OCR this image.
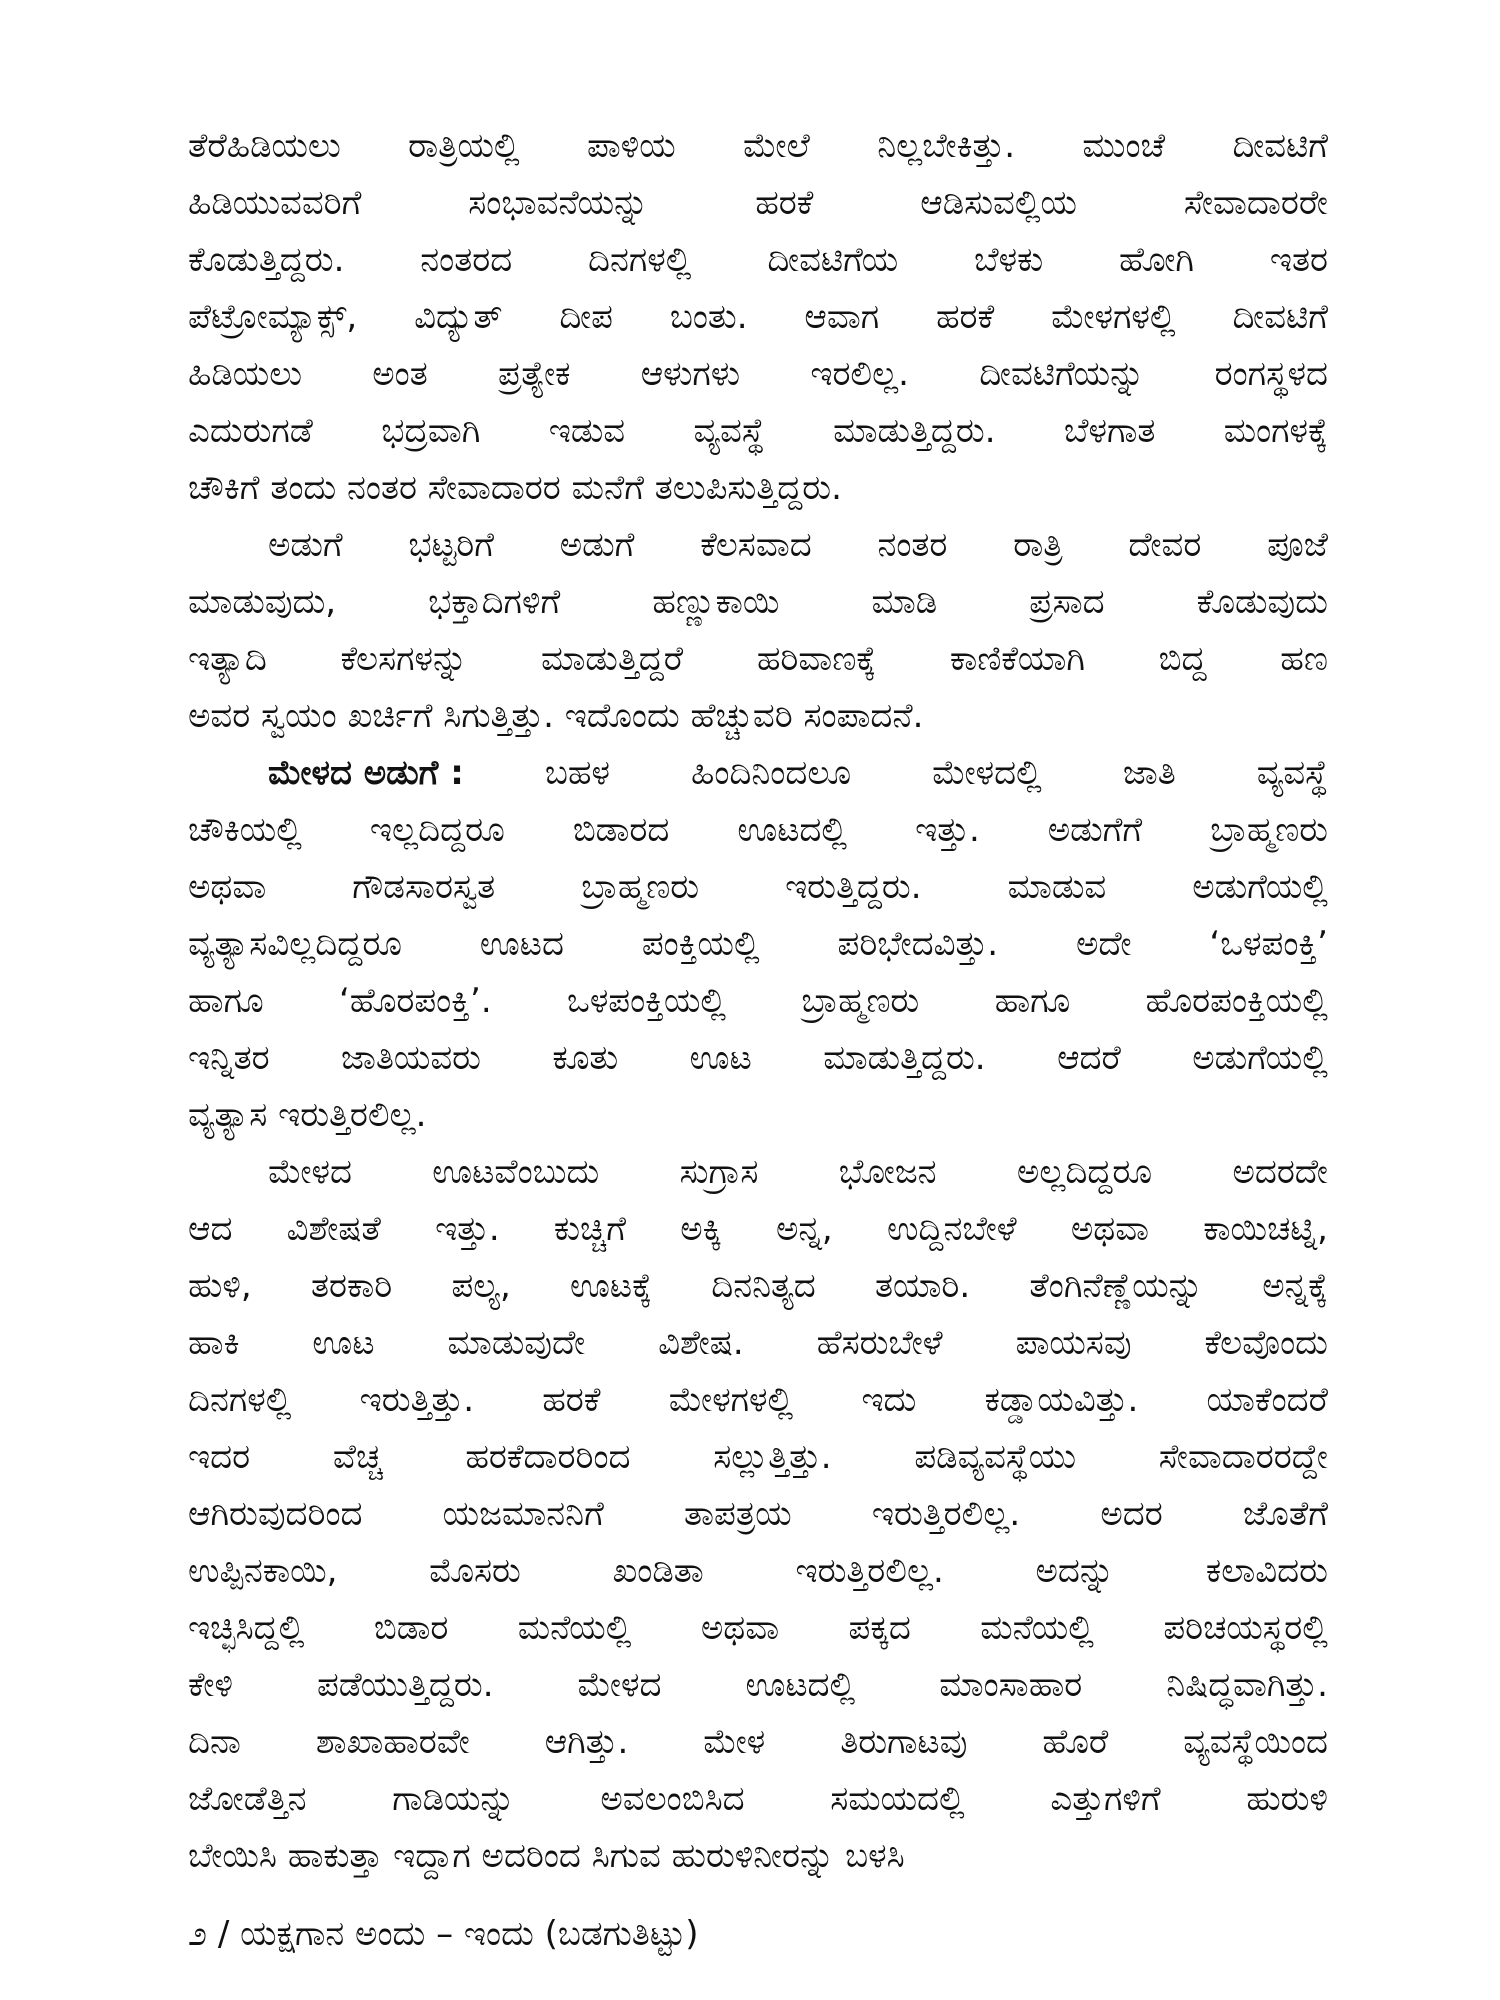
ತೆರೆಹಿಡಿಯಲು ರಾತ್ರಿಯಲ್ಲಿ ಪಾಳಿಯ ಮೇಲೆ ನಿಲ್ಲಬೇಕಿತ್ತು. ಮುಂಚೆ ದೀವಟಿಗೆ
ಹಿಡಿಯುವವರಿಗೆ	ಸಂಭಾವನೆಯನ್ನು	ಹರಕೆ	ಆಡಿಸುವಲ್ಲಿಯ	ಸೇವಾದಾರರೇ
ಕೊಡುತ್ತಿದ್ದರು. ನಂತರದ ದಿನಗಳಲ್ಲಿ ದೀವಟಿಗೆಯ ಬೆಳಕು ಹೋಗಿ ಇತರ
ಪೆಟ್ರೋಮ್ಯಾಕ್ಸ್, ವಿದ್ಯುತ್ ದೀಪ ಬಂತು. ಆವಾಗ ಹರಕೆ ಮೇಳಗಳಲ್ಲಿ ದೀವಟಿಗೆ
ಹಿಡಿಯಲು ಅಂತ ಪ್ರತ್ಯೇಕ ಆಳುಗಳು ಇರಲಿಲ್ಲ. ದೀವಟಿಗೆಯನ್ನು ರಂಗಸ್ಥಳದ
ಎದುರುಗಡೆ ಭದ್ರವಾಗಿ ಇಡುವ ವ್ಯವಸ್ಥೆ ಮಾಡುತ್ತಿದ್ದರು. ಬೆಳಗಾತ ಮಂಗಳಕ್ಕೆ
ಚೌಕಿಗೆ ತಂದು ನಂತರ ಸೇವಾದಾರರ ಮನೆಗೆ ತಲುಪಿಸುತ್ತಿದ್ದರು.
ಅಡುಗೆ ಭಟ್ಟರಿಗೆ ಅಡುಗೆ ಕೆಲಸವಾದ ನಂತರ ರಾತ್ರಿ ದೇವರ ಪೂಜೆ
ಮಾಡುವುದು,	ಭಕ್ತಾದಿಗಳಿಗೆ	ಹಣ್ಣುಕಾಯಿ	ಮಾಡಿ	ಪ್ರಸಾದ	ಕೊಡುವುದು
ಇತ್ಯಾದಿ ಕೆಲಸಗಳನ್ನು ಮಾಡುತ್ತಿದ್ದರೆ ಹರಿವಾಣಕ್ಕೆ ಕಾಣಿಕೆಯಾಗಿ ಬಿದ್ದ ಹಣ
ಅವರ ಸ್ವಯಂ ಖರ್ಚಿಗೆ ಸಿಗುತ್ತಿತ್ತು. ಇದೊಂದು ಹೆಚ್ಚುವರಿ ಸಂಪಾದನೆ.
ಮೇಳದ ಅಡುಗೆ : ಬಹಳ ಹಿಂದಿನಿಂದಲೂ ಮೇಳದಲ್ಲಿ ಜಾತಿ ವ್ಯವಸ್ಥೆ
ಚೌಕಿಯಲ್ಲಿ ಇಲ್ಲದಿದ್ದರೂ ಬಿಡಾರದ ಊಟದಲ್ಲಿ ಇತ್ತು. ಅಡುಗೆಗೆ ಬ್ರಾಹ್ಮಣರು
ಅಥವಾ	ಗೌಡಸಾರಸ್ವತ	ಬ್ರಾಹ್ಮಣರು	ಇರುತ್ತಿದ್ದರು.	ಮಾಡುವ	ಅಡುಗೆಯಲ್ಲಿ
ವ್ಯತ್ಯಾಸವಿಲ್ಲದಿದ್ದರೂ ಊಟದ ಪಂಕ್ತಿಯಲ್ಲಿ ಪರಿಭೇದವಿತ್ತು. ಅದೇ ‘ಒಳಪಂಕ್ತಿ’
ಹಾಗೂ ‘ಹೊರಪಂಕ್ತಿ’. ಒಳಪಂಕ್ತಿಯಲ್ಲಿ ಬ್ರಾಹ್ಮಣರು ಹಾಗೂ ಹೊರಪಂಕ್ತಿಯಲ್ಲಿ
ಇನ್ನಿತರ ಜಾತಿಯವರು ಕೂತು ಊಟ ಮಾಡುತ್ತಿದ್ದರು. ಆದರೆ ಅಡುಗೆಯಲ್ಲಿ
ವ್ಯತ್ಯಾಸ ಇರುತ್ತಿರಲಿಲ್ಲ.
ಮೇಳದ ಊಟವೆಂಬುದು ಸುಗ್ರಾಸ ಭೋಜನ ಅಲ್ಲದಿದ್ದರೂ ಅದರದೇ
ಆದ ವಿಶೇಷತೆ ಇತ್ತು. ಕುಚ್ಚಿಗೆ ಅಕ್ಕಿ ಅನ್ನ, ಉದ್ದಿನಬೇಳೆ ಅಥವಾ ಕಾಯಿಚಟ್ನಿ,
ಹುಳಿ, ತರಕಾರಿ ಪಲ್ಯ, ಊಟಕ್ಕೆ ದಿನನಿತ್ಯದ ತಯಾರಿ. ತೆಂಗಿನೆಣ್ಣೆಯನ್ನು ಅನ್ನಕ್ಕೆ
ಹಾಕಿ ಊಟ ಮಾಡುವುದೇ ವಿಶೇಷ. ಹೆಸರುಬೇಳೆ ಪಾಯಸವು ಕೆಲವೊಂದು
ದಿನಗಳಲ್ಲಿ ಇರುತ್ತಿತ್ತು. ಹರಕೆ ಮೇಳಗಳಲ್ಲಿ ಇದು ಕಡ್ಡಾಯವಿತ್ತು. ಯಾಕೆಂದರೆ
ಇದರ ವೆಚ್ಚ ಹರಕೆದಾರರಿಂದ ಸಲ್ಲುತ್ತಿತ್ತು. ಪಡಿವ್ಯವಸ್ಥೆಯು ಸೇವಾದಾರರದ್ದೇ
ಆಗಿರುವುದರಿಂದ ಯಜಮಾನನಿಗೆ ತಾಪತ್ರಯ ಇರುತ್ತಿರಲಿಲ್ಲ. ಅದರ ಜೊತೆಗೆ
ಉಪ್ಪಿನಕಾಯಿ,	ಮೊಸರು	ಖಂಡಿತಾ	ಇರುತ್ತಿರಲಿಲ್ಲ.	ಅದನ್ನು	ಕಲಾವಿದರು
ಇಚ್ಛಿಸಿದ್ದಲ್ಲಿ ಬಿಡಾರ ಮನೆಯಲ್ಲಿ ಅಥವಾ ಪಕ್ಕದ ಮನೆಯಲ್ಲಿ ಪರಿಚಯಸ್ಥರಲ್ಲಿ
ಕೇಳಿ ಪಡೆಯುತ್ತಿದ್ದರು. ಮೇಳದ ಊಟದಲ್ಲಿ ಮಾಂಸಾಹಾರ ನಿಷಿದ್ಧವಾಗಿತ್ತು.
ದಿನಾ ಶಾಖಾಹಾರವೇ ಆಗಿತ್ತು. ಮೇಳ ತಿರುಗಾಟವು ಹೊರೆ ವ್ಯವಸ್ಥೆಯಿಂದ
ಜೋಡೆತ್ತಿನ	ಗಾಡಿಯನ್ನು	ಅವಲಂಬಿಸಿದ	ಸಮಯದಲ್ಲಿ	ಎತ್ತುಗಳಿಗೆ	ಹುರುಳಿ
ಬೇಯಿಸಿ ಹಾಕುತ್ತಾ ಇದ್ದಾಗ ಅದರಿಂದ ಸಿಗುವ ಹುರುಳಿನೀರನ್ನು ಬಳಸಿ
೨ / ಯಕ್ಷಗಾನ ಅಂದು – ಇಂದು (ಬಡಗುತಿಟ್ಟು)
